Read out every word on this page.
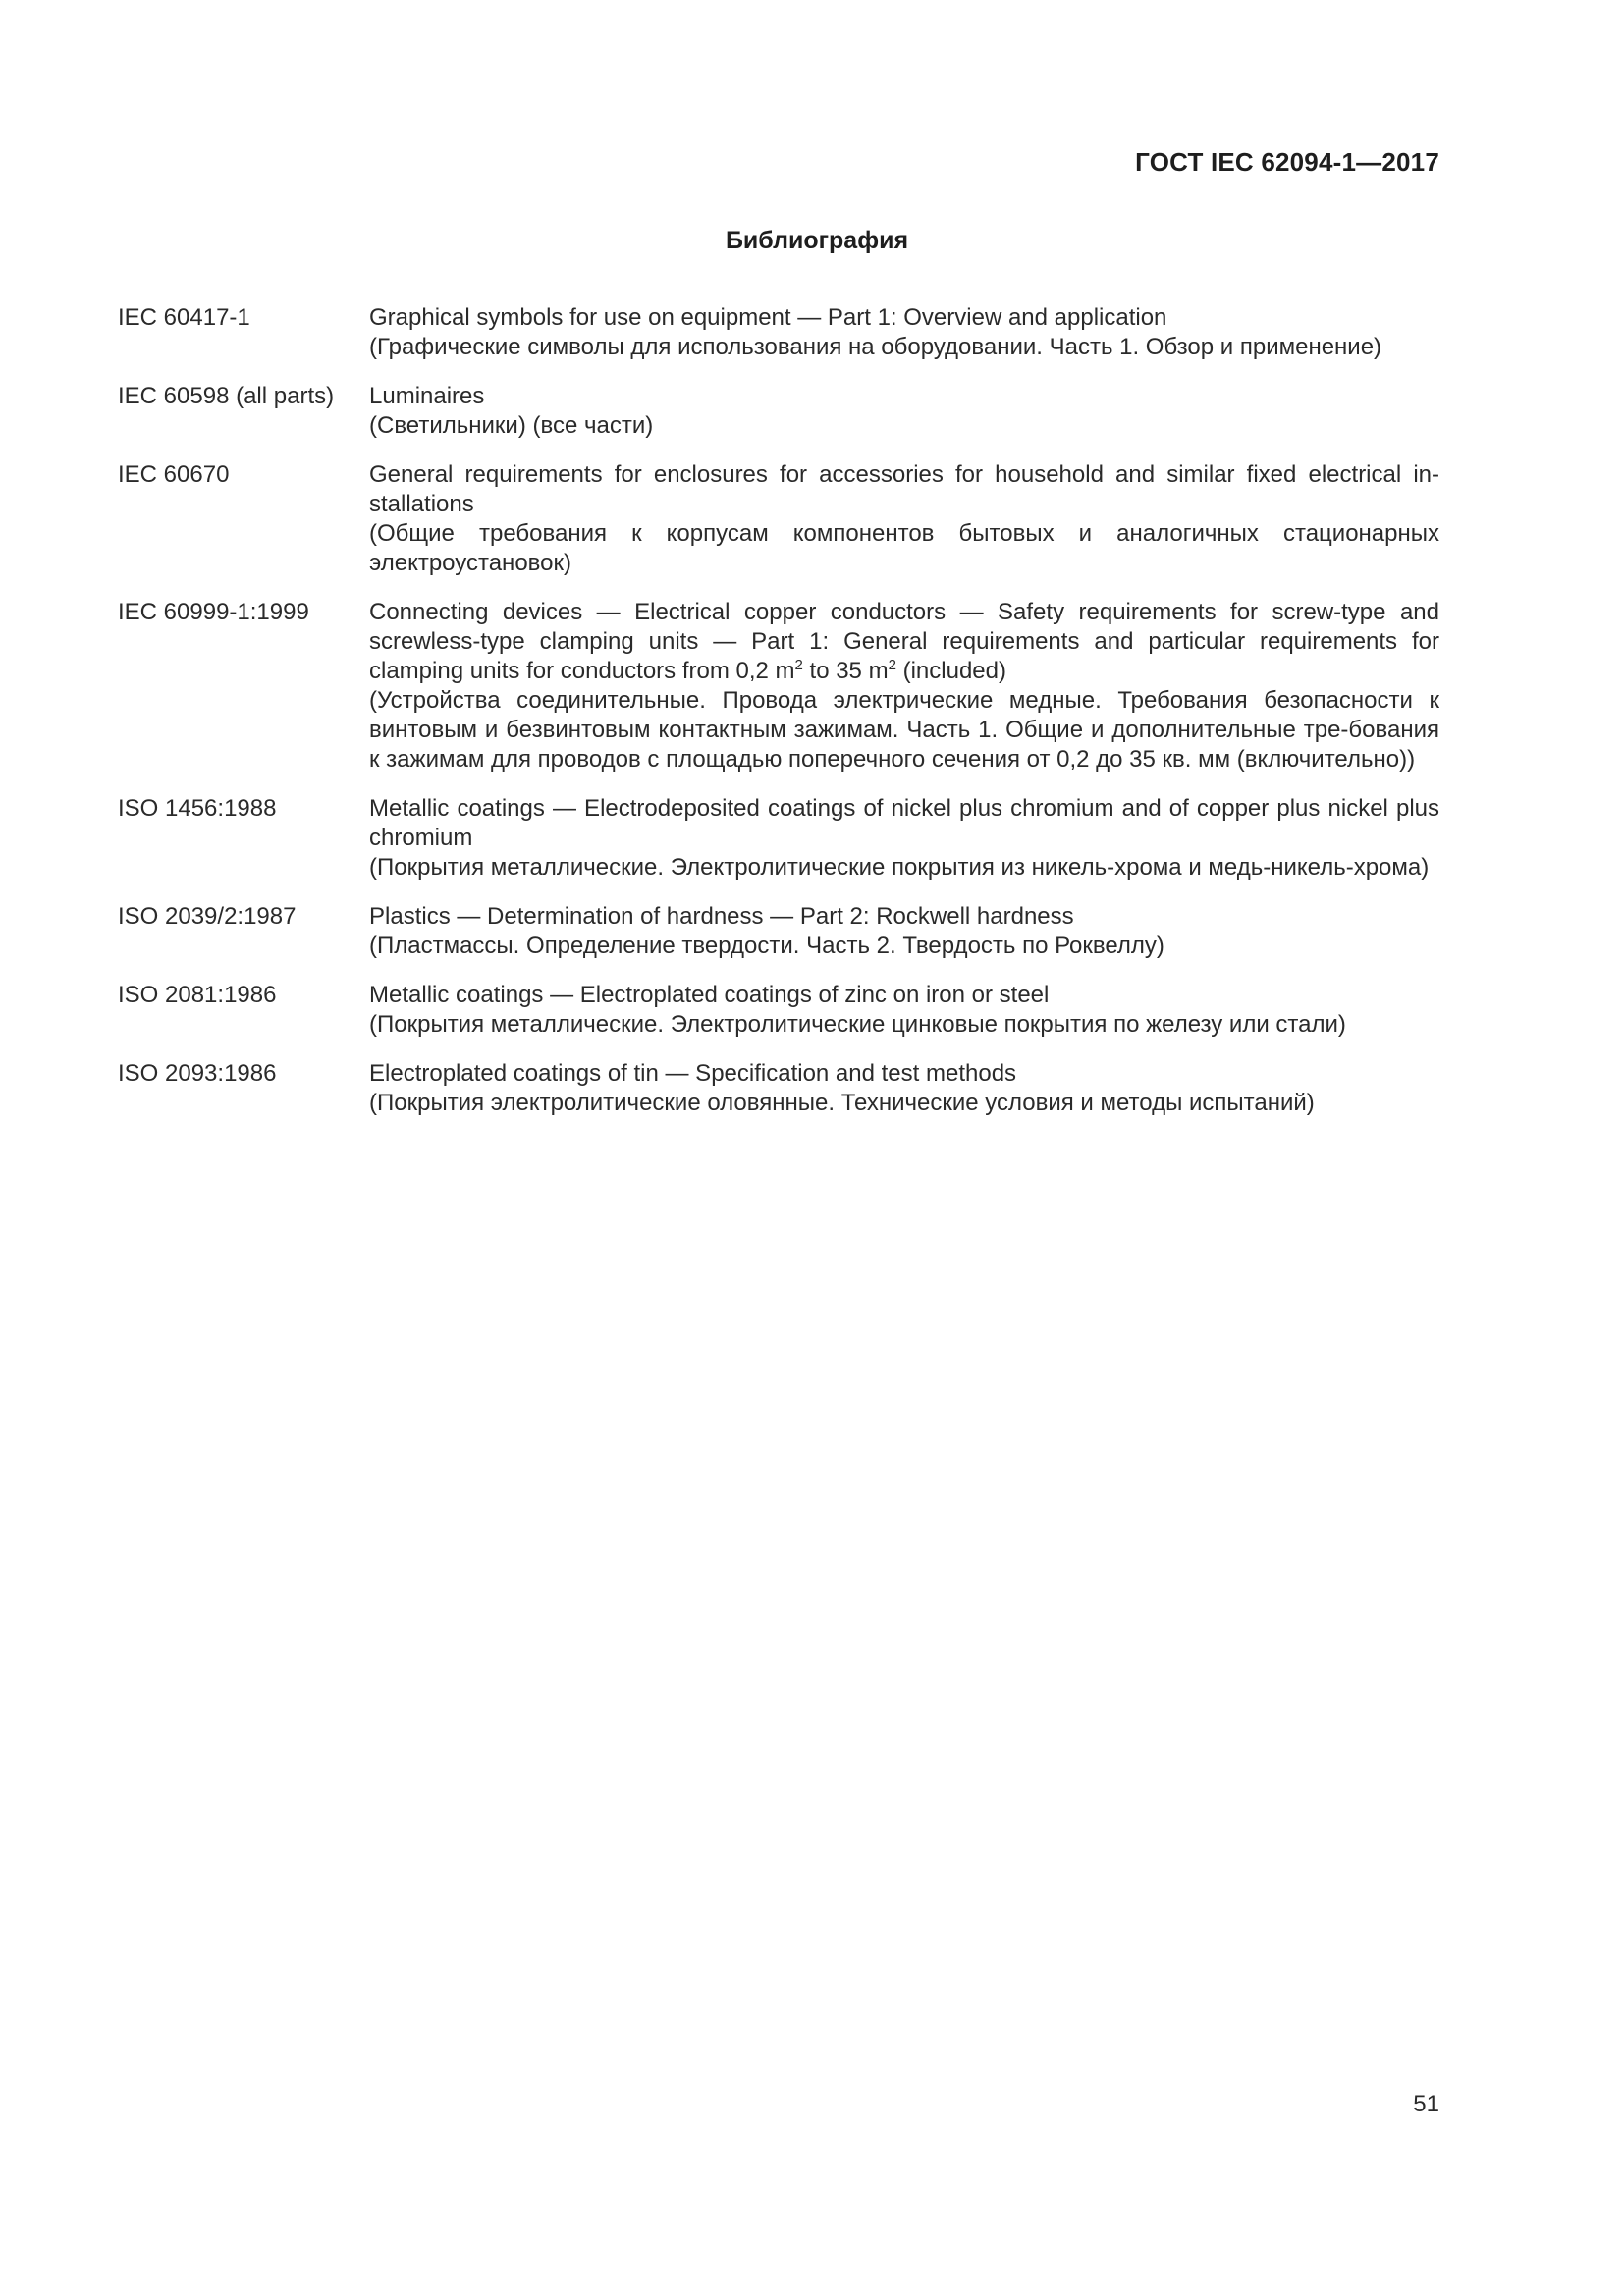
ГОСТ IEC 62094-1—2017
Библиография
IEC 60417-1	Graphical symbols for use on equipment — Part 1: Overview and application

(Графические символы для использования на оборудовании. Часть 1. Обзор и применение)

IEC 60598 (all parts)	Luminaires

(Светильники) (все части)

IEC 60670	General requirements for enclosures for accessories for household and similar fixed electrical in-stallations

(Общие требования к корпусам компонентов бытовых и аналогичных стационарных электроустановок)

IEC 60999-1:1999	Connecting devices — Electrical copper conductors — Safety requirements for screw-type and screwless-type clamping units — Part 1: General requirements and particular requirements for clamping units for conductors from 0,2 $m^2$ to 35 $m^2$ (included)

(Устройства соединительные. Провода электрические медные. Требования безопасности к винтовым и безвинтовым контактным зажимам. Часть 1. Общие и дополнительные тре-бования к зажимам для проводов с площадью поперечного сечения от 0,2 до 35 кв. мм (включительно))

ISO 1456:1988	Metallic coatings — Electrodeposited coatings of nickel plus chromium and of copper plus nickel plus chromium

(Покрытия металлические. Электролитические покрытия из никель-хрома и медь-никель-хрома)

ISO 2039/2:1987	Plastics — Determination of hardness — Part 2: Rockwell hardness

(Пластмассы. Определение твердости. Часть 2. Твердость по Роквеллу)

ISO 2081:1986	Metallic coatings — Electroplated coatings of zinc on iron or steel

(Покрытия металлические. Электролитические цинковые покрытия по железу или стали)

ISO 2093:1986	Electroplated coatings of tin — Specification and test methods

(Покрытия электролитические оловянные. Технические условия и методы испытаний)

51
